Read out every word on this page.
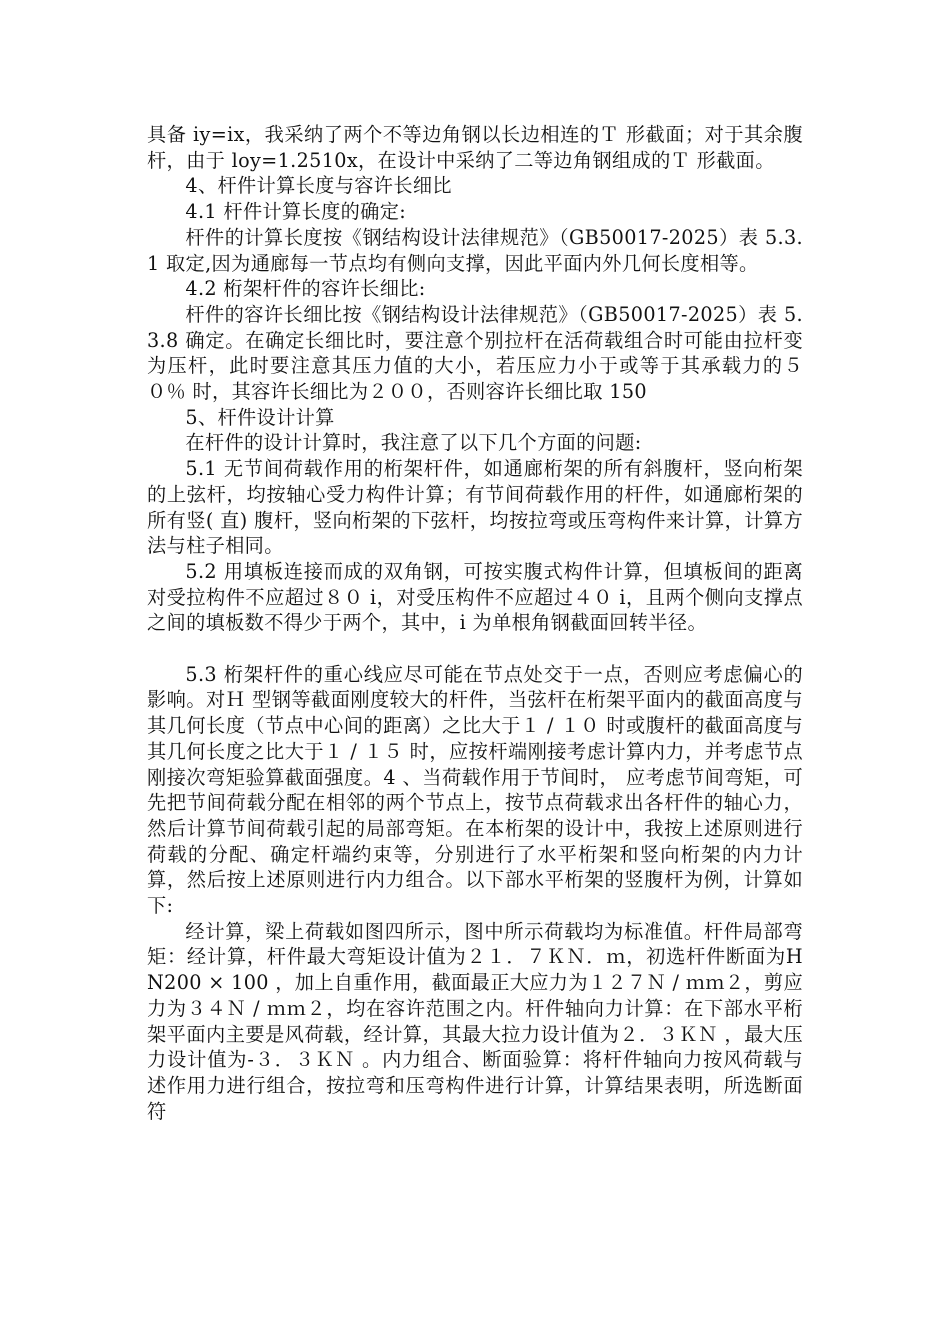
具备 iy=ix，我采纳了两个不等边角钢以长边相连的Ｔ 形截面；对于其余腹杆，由于 loy=1.2510x，在设计中采纳了二等边角钢组成的Ｔ 形截面。

4、杆件计算长度与容许长细比

4.1 杆件计算长度的确定:

杆件的计算长度按《钢结构设计法律规范》（GB50017-2025）表 5.3.1 取定,因为通廊每一节点均有侧向支撑，因此平面内外几何长度相等。

4.2 桁架杆件的容许长细比:

杆件的容许长细比按《钢结构设计法律规范》（GB50017-2025）表 5.3.8 确定。在确定长细比时，要注意个别拉杆在活荷载组合时可能由拉杆变为压杆，此时要注意其压力值的大小，若压应力小于或等于其承载力的５０％ 时，其容许长细比为２００，否则容许长细比取 150

5、杆件设计计算

在杆件的设计计算时，我注意了以下几个方面的问题:

5.1 无节间荷载作用的桁架杆件，如通廊桁架的所有斜腹杆，竖向桁架的上弦杆，均按轴心受力构件计算；有节间荷载作用的杆件，如通廊桁架的所有竖( 直) 腹杆，竖向桁架的下弦杆，均按拉弯或压弯构件来计算，计算方法与柱子相同。

5.2 用填板连接而成的双角钢，可按实腹式构件计算，但填板间的距离对受拉构件不应超过８０ i，对受压构件不应超过４０ i，且两个侧向支撑点之间的填板数不得少于两个，其中，i 为单根角钢截面回转半径。

5.3 桁架杆件的重心线应尽可能在节点处交于一点，否则应考虑偏心的影响。对Ｈ 型钢等截面刚度较大的杆件，当弦杆在桁架平面内的截面高度与其几何长度（节点中心间的距离）之比大于１ / １０ 时或腹杆的截面高度与其几何长度之比大于１ / １５ 时，应按杆端刚接考虑计算内力，并考虑节点刚接次弯矩验算截面强度。4 、当荷载作用于节间时， 应考虑节间弯矩，可先把节间荷载分配在相邻的两个节点上，按节点荷载求出各杆件的轴心力， 然后计算节间荷载引起的局部弯矩。在本桁架的设计中，我按上述原则进行荷载的分配、确定杆端约束等，分别进行了水平桁架和竖向桁架的内力计算，然后按上述原则进行内力组合。以下部水平桁架的竖腹杆为例，计算如下:

经计算，梁上荷载如图四所示，图中所示荷载均为标准值。杆件局部弯矩：经计算，杆件最大弯矩设计值为２１．７ＫＮ．ｍ，初选杆件断面为HN200 × 100 ，加上自重作用，截面最正大应力为１２７Ｎ / ｍｍ２，剪应力为３４Ｎ / ｍｍ２，均在容许范围之内。杆件轴向力计算：在下部水平桁架平面内主要是风荷载，经计算，其最大拉力设计值为２．３ＫＮ ，最大压力设计值为-３．３ＫＮ 。内力组合、断面验算：将杆件轴向力按风荷载与述作用力进行组合，按拉弯和压弯构件进行计算，计算结果表明，所选断面符
